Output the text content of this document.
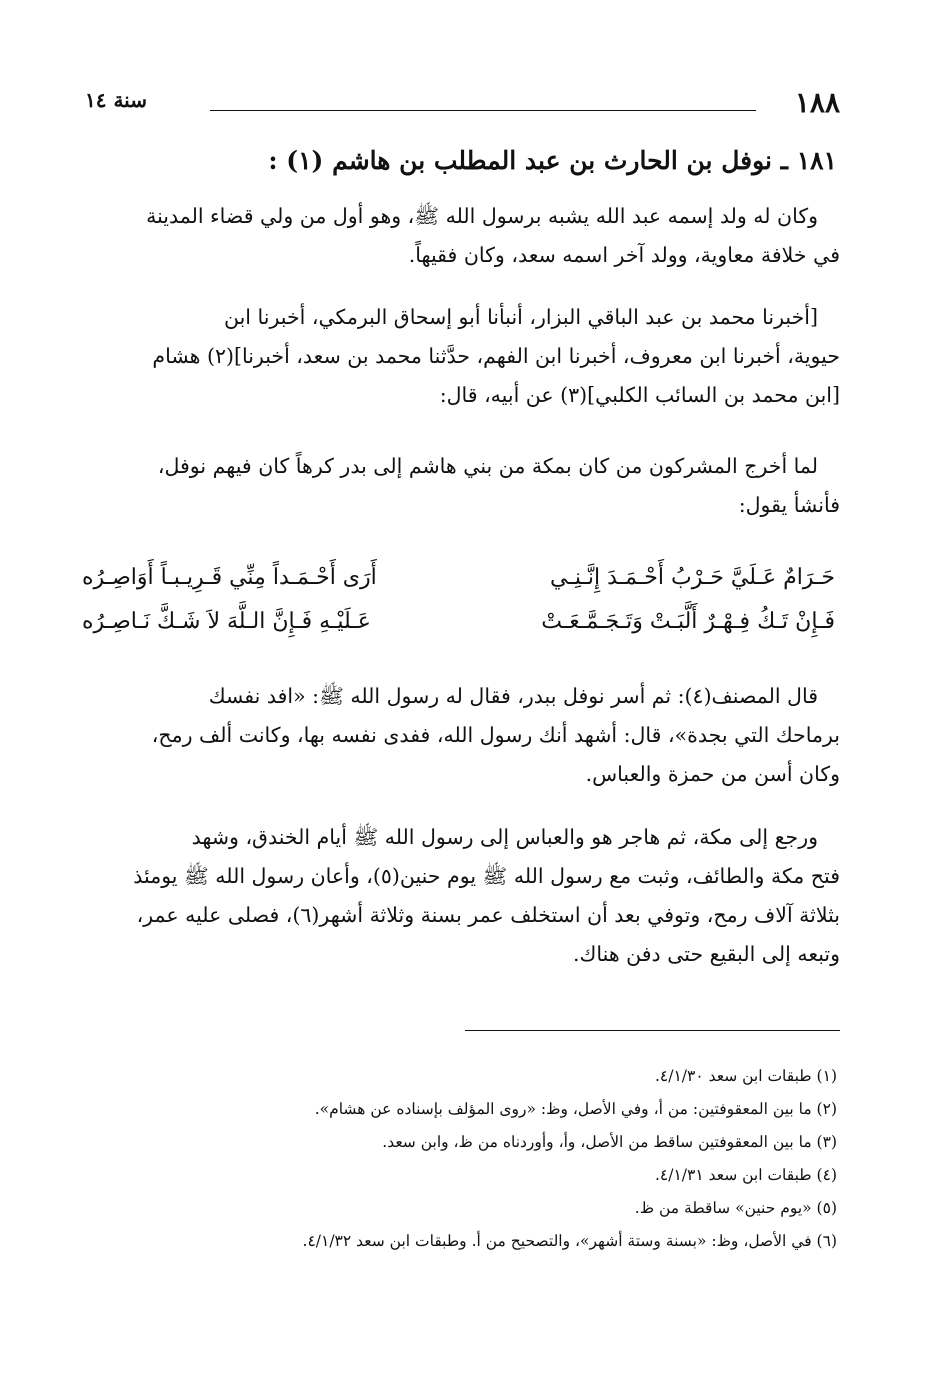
١٨٨
سنة ١٤
١٨١ ـ نوفل بن الحارث بن عبد المطلب بن هاشم (١) :
وكان له ولد إسمه عبد الله يشبه برسول الله ﷺ، وهو أول من ولي قضاء المدينة
في خلافة معاوية، وولد آخر اسمه سعد، وكان فقيهاً.
[أخبرنا محمد بن عبد الباقي البزار، أنبأنا أبو إسحاق البرمكي، أخبرنا ابن
حيوية، أخبرنا ابن معروف، أخبرنا ابن الفهم، حدَّثنا محمد بن سعد، أخبرنا](٢) هشام
[ابن محمد بن السائب الكلبي](٣) عن أبيه، قال:
لما أخرج المشركون من كان بمكة من بني هاشم إلى بدر كرهاً كان فيهم نوفل،
فأنشأ يقول:
حَـرَامٌ عَـلَيَّ حَـرْبُ أَحْـمَـدَ إِنَّـنِـي
أَرَى أَحْـمَـداً مِنِّي قَـرِيـبـاً أَوَاصِـرُه
فَـإِنْ تَـكُ فِـهْـرٌ أَلَّبَـتْ وَتَـجَـمَّـعَـتْ
عَـلَيْـهِ فَـإِنَّ الـلَّهَ لاَ شَـكَّ نَـاصِـرُه
قال المصنف(٤): ثم أسر نوفل ببدر، فقال له رسول الله ﷺ: «افد نفسك
برماحك التي بجدة»، قال: أشهد أنك رسول الله، ففدى نفسه بها، وكانت ألف رمح،
وكان أسن من حمزة والعباس.
ورجع إلى مكة، ثم هاجر هو والعباس إلى رسول الله ﷺ أيام الخندق، وشهد
فتح مكة والطائف، وثبت مع رسول الله ﷺ يوم حنين(٥)، وأعان رسول الله ﷺ يومئذ
بثلاثة آلاف رمح، وتوفي بعد أن استخلف عمر بسنة وثلاثة أشهر(٦)، فصلى عليه عمر،
وتبعه إلى البقيع حتى دفن هناك.
(١) طبقات ابن سعد ٤/١/٣٠.
(٢) ما بين المعقوفتين: من أ، وفي الأصل، وظ: «روى المؤلف بإسناده عن هشام».
(٣) ما بين المعقوفتين ساقط من الأصل، وأ، وأوردناه من ظ، وابن سعد.
(٤) طبقات ابن سعد ٤/١/٣١.
(٥) «يوم حنين» ساقطة من ظ.
(٦) في الأصل، وظ: «بسنة وستة أشهر»، والتصحيح من أ. وطبقات ابن سعد ٤/١/٣٢.
